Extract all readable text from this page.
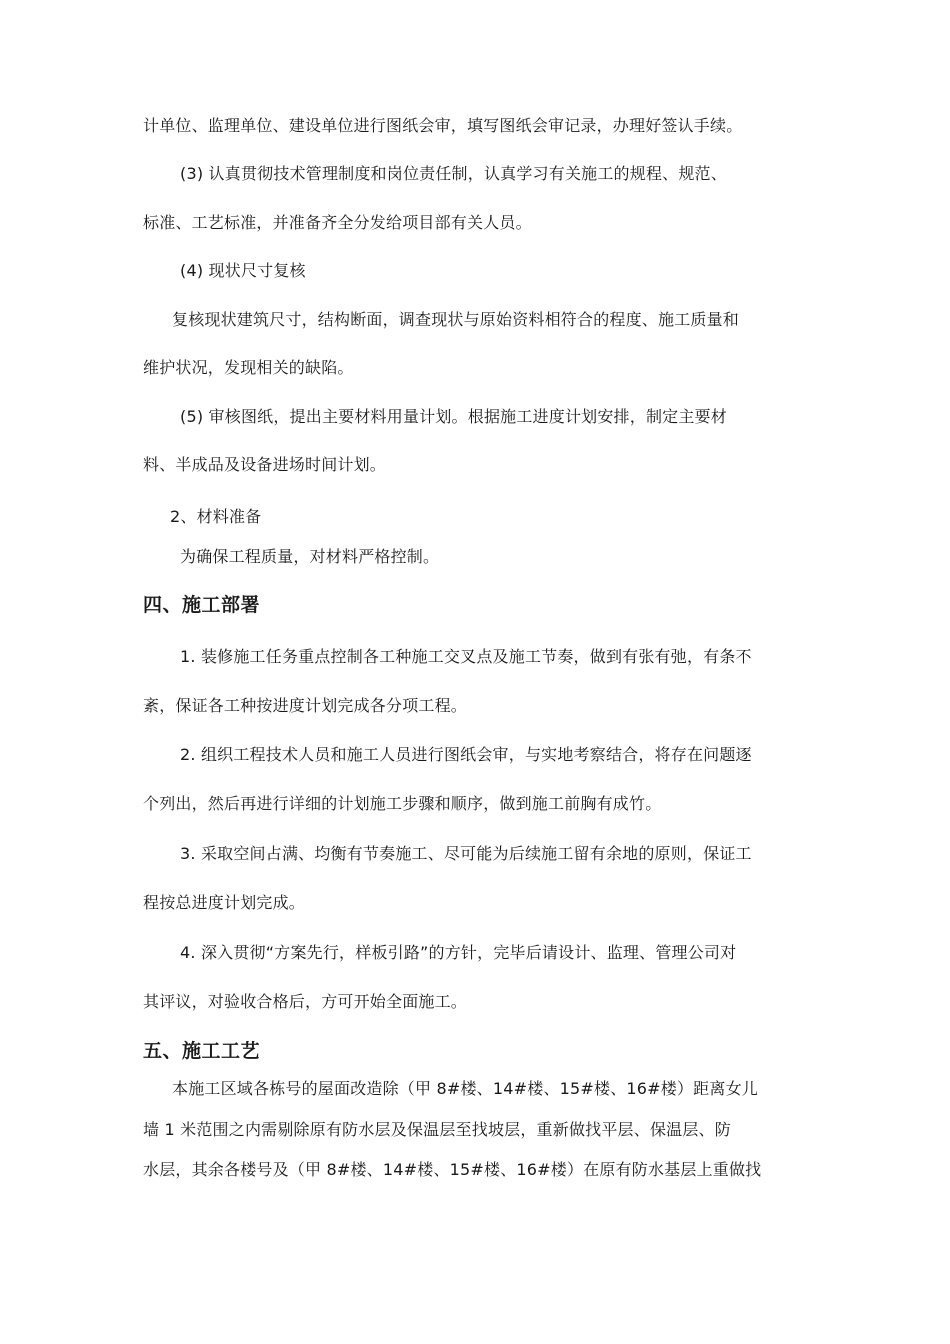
计单位、监理单位、建设单位进行图纸会审，填写图纸会审记录，办理好签认手续。
(3) 认真贯彻技术管理制度和岗位责任制，认真学习有关施工的规程、规范、
标准、工艺标准，并准备齐全分发给项目部有关人员。
(4) 现状尺寸复核
复核现状建筑尺寸，结构断面，调查现状与原始资料相符合的程度、施工质量和
维护状况，发现相关的缺陷。
(5) 审核图纸，提出主要材料用量计划。根据施工进度计划安排，制定主要材
料、半成品及设备进场时间计划。
2、材料准备
为确保工程质量，对材料严格控制。
四、施工部署
1. 装修施工任务重点控制各工种施工交叉点及施工节奏，做到有张有弛，有条不
紊，保证各工种按进度计划完成各分项工程。
2. 组织工程技术人员和施工人员进行图纸会审，与实地考察结合，将存在问题逐
个列出，然后再进行详细的计划施工步骤和顺序，做到施工前胸有成竹。
3. 采取空间占满、均衡有节奏施工、尽可能为后续施工留有余地的原则，保证工
程按总进度计划完成。
4. 深入贯彻“方案先行，样板引路”的方针，完毕后请设计、监理、管理公司对
其评议，对验收合格后，方可开始全面施工。
五、施工工艺
本施工区域各栋号的屋面改造除（甲 8#楼、14#楼、15#楼、16#楼）距离女儿
墙 1 米范围之内需剔除原有防水层及保温层至找坡层，重新做找平层、保温层、防
水层，其余各楼号及（甲 8#楼、14#楼、15#楼、16#楼）在原有防水基层上重做找
